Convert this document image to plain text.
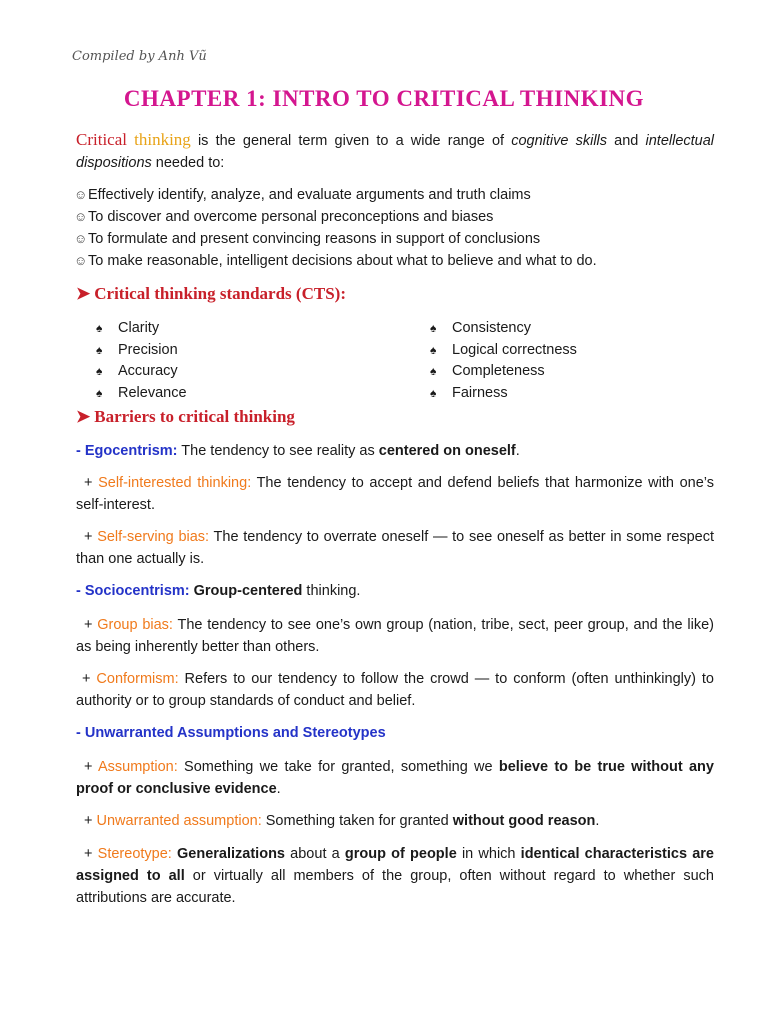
Compiled by Anh Vũ
CHAPTER 1: INTRO TO CRITICAL THINKING
Critical thinking is the general term given to a wide range of cognitive skills and intellectual dispositions needed to:
☺Effectively identify, analyze, and evaluate arguments and truth claims
☺To discover and overcome personal preconceptions and biases
☺To formulate and present convincing reasons in support of conclusions
☺To make reasonable, intelligent decisions about what to believe and what to do.
➤ Critical thinking standards (CTS):
♠ Clarity
♠ Precision
♠ Accuracy
♠ Relevance
♠ Consistency
♠ Logical correctness
♠ Completeness
♠ Fairness
➤ Barriers to critical thinking
- Egocentrism: The tendency to see reality as centered on oneself.
+ Self-interested thinking: The tendency to accept and defend beliefs that harmonize with one’s self-interest.
+ Self-serving bias: The tendency to overrate oneself — to see oneself as better in some respect than one actually is.
- Sociocentrism: Group-centered thinking.
+ Group bias: The tendency to see one’s own group (nation, tribe, sect, peer group, and the like) as being inherently better than others.
+ Conformism: Refers to our tendency to follow the crowd — to conform (often unthinkingly) to authority or to group standards of conduct and belief.
- Unwarranted Assumptions and Stereotypes
+ Assumption: Something we take for granted, something we believe to be true without any proof or conclusive evidence.
+ Unwarranted assumption: Something taken for granted without good reason.
+ Stereotype: Generalizations about a group of people in which identical characteristics are assigned to all or virtually all members of the group, often without regard to whether such attributions are accurate.
